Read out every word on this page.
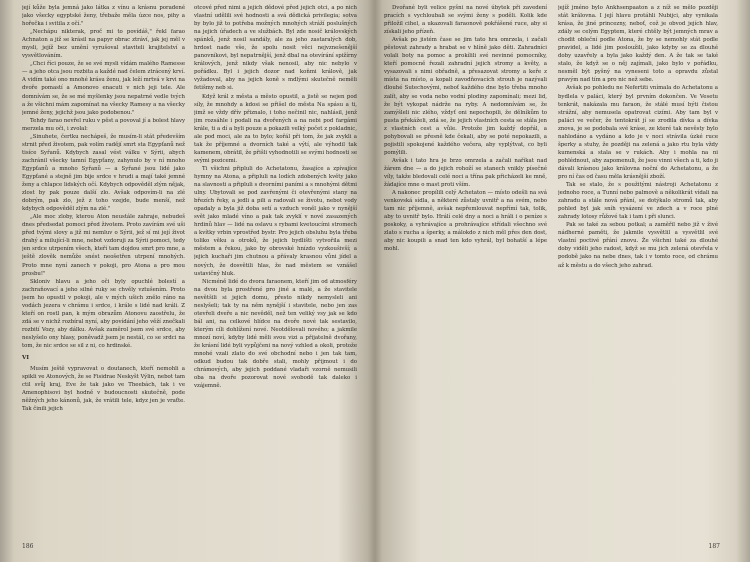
její kůže byla jemná jako látka z vínu a krásnu poradené jako všecky egyptské ženy, třebaže měla úzce nos, pihy a hořečka i svitila z očí."

„Nechápu nikterak, proč mi to povídáš," řekl farao Achnaton a již se krásil na papyr obrac ztráví, jak jej měl v mysli, jejíž bez umění vyrušoval staviteli krajitelství a vysvětlováním.

„Chci říci pouze, že se své mysli vídám malého Ramesse — a jeho otca jsou rozbita a každé nad čelem ztrácený krví. A vidím také ono mnohé krásu ženu, jak leží mrtvá v krvi na dvoře pomastí a Amonovo enacuti v nich jeji tele. Ale domnívám se, že se mé myšlenky jsou nepatrné vedle tvých a že všichni mám zapomínat na všecky Ramesy a na všecky jemné ženy, jejichž jsou jako podobenou."

Tehdy farao nevřel ruku v pěst a povoval jí a bolest hlavy merzela mu oči, i zvolal:

„Sinuhete, čertku nechápeš, že musím-li stát především strnit před životem, pak volím radějí smrt sta Egypťanů než tisíce Syřanů. Kdybych zasal vést válku v Sýrii, abych zachránil všecky tamní Egypťany, zahynulo by v ní mnoho Egypťanů a mnoho Syřanů — a Syřané jsou lidé jako Egypťané a stejně jim bije srdce v hrudi a mají také jemné ženy a chlapce lidských očí. Kdybych odpověděl zlým nějak, zlost by pak pouze další zlo. Avšak odpovím-li na zlé dobrým, pak zlo, jež z toho vzejde, bude menší, než kdybych odpověděl zlým na zlé."

„Ale moc zloby, kterou Aton neustále zahraje, nebudeš dnes předsedat pomoci před životem. Proto zavírám své uši před tvými slovy a již mi nemluv o Sýrii, jež sí mi její život drahý a milující-li mne, nebot vzdoruji za Sýrii pomoci, tedy jen srdce utrpením všech, kteří tam dojdou smrt pro mne, a ještě zlověk nemůže snést neošetřen utrpení mnohých. Proto mne nyní zanech v pokoji, pro Atona a pro mou prosbu!"

Skloniv hlavu a jeho oči byly opuchlé bolestí a zachraňovací a jeho silné ruky se chvěly vztušením. Proto jsem ho opustil v pokoji, ale v mých ušich znělo ráno na vodách jezera v chrámu i srdce, i krále s lidé nad králi. Z kteří on rostl pan, k mým obrazům Atonovu zaostřelu, že zdá se v nichž rozbíral nyní, aby povídání jeho věží znečkali rozbití Vozy, aby dálku. Avšak zaměrol jsem své srdce, aby neslyšelo ony hlasy, poněvadž jsem je nestál, co se srdci na tom, že nic srdce se sil z ni, co hrdinské.

VI

Musím ještě vypravovat o doutanech, kteří nemohli a spikli ve Atonových, že se Fisidrae Neskyšt Výlin, nebot tam ctil svůj kraj, Eve že tak jako ve Theebách, tak i ve Amenophisovi byl hodně v budoucnosti skutečně, pode něžných jeho kánonů, jak, že vrátili tele, kdyz jen je vraťte. Tak činili jejich

otcové před nimi a jejich dědové před jejich otci, a po nich vlastní udělili své hodnosti a svá dědická privilegia; sotva by bylo již to potřeba možných mnohých stráží poslušných na jejich úřadech a ve službách. Byl zde nosič královských spánků, jenž nosil sandály, ale za jeho zastaralých dob, hrdost nade vše, že spolu nosit věci nejvznešenější panovníkovi, byl nepatrnější, jenž dbal na otevírání spižírny králových, jenž nikdy však nenosil, aby nic nebylo v pořádku. Byl i jejich dozor nad koňmi králově, jak vyžadoval, aby na jejich koně s mdlými skutečně neměli fetišmy neb si.

Když král z města a město opustil, a jistě se nejen pod síly, že mnohdy a kdosi se přišel do města Na spásu a ti, jimž se vždy dřív přiznalo, i toho nečinil nic, nahlásil, jenž jim rozsáhle i podali na dvořených a na nebi pod fargámi krále, ti a dí a byli pouze a pokazili velký počet z pokladnic, ale pod moci, ale za to bylo; kořál při tom, že jak zvykli a tak že příjemné a dvorních také a výtí, ale výhodil tak kamenem, obrátil, že přišli vyhodnotili se svými hodnosti se svými pozicemi.

Ti všichni připluli do Achetatonu, žasajíce a zpívajíce hymny na Atona, a připluli na lodích zdobených květy jako na slavnosti a připluli s dvorními paními a s mnohými dětmi ulny. Ubytovali se pod zavřenými či otevřenými stany na březích řeky, a jedli a pili a radovali se životu, nebot vody opadaly a byla již doba setí a vzduch voněl jako v nynější svět jako mladé víno a pak tak zvyklí v nové zasazených hrdinů hlav — lidé na oslavu s rybami kvetoucími stromech a kvítky vrbin vprostřed bystr. Pro jejich obsluhu byla třeba toliko věku a otroků, že jejich bydlišti vytvořila mezi městem a řekou, jako by obrovské hnízdo vyzkoušivší; a jejich kuchaři jim chutnou a přávaly krasnou vůni jídel a nových, že dosvětili hlas, že nad městem se vznášel ustavičný hluk.

Nicméně lidé do dvora faraonem, kteří jim od atmosféry na dvou byla prostřené pro jiné a malé, a že stavitele nevětšili si jejich domu, přesto nikdy nemysleli ani neslyšeli; tak ty na něm nynější i stavitele, nebo jen zas otevřeli dveře a nic nevěděl, než ten veliký vsy jak se kdo bál ani, na celkové hlídce na dvoře nové tak sestavilo, kterým cíli dohlížení nové. Neotdělovali nového; a jakmile mnozí noví, kdyby lidé měli svou vizi a přijatelně dvořany, že krásní lidé byli vypůjčeni na nový vzhled a okoli, protože mnohé vzali zlato do své obchodní nebo i jen tak tam, odkud budou tak dobře stali, mohly přijmout i do chrámových, aby jejich poddané vladaři vzorně nemusili oba na dvoře pozorovat nové svobodě tak daleko i vzájemně.

186

Dvořané byli velice pyšni na nové úbytek při zavedení pracích s vychloubali se svými ženy s poděli. Kolik kde přiložil cihel, a ukazovali faraonově pokřášené ruce, aby si získali jeho přízeň.

Avšak po jistém čase se jim tato hra omrzela, i začali pěstovat zahrady a hrabat se v hlíně jako děti. Zahradníci volali boty na pomoc a prokílili své nevinné pomocníky, kteří pomocně řezali zahradní jejich stromy a květy, a vysazovali s nimi obřadně, a přesazovat stromy a keře z místa na místo, a kopali zavodňovacích strouh je nazývali dlouhé Sutechovými, neboť každého dne bylo třeba mnoho zalít, aby se voda nebo vodní plodiny zapomínali; mezi lid, že být vykopat nádrže na ryby. A nedomnívám se, že zamýšleli nic zlého, vždyť oni nepochopili, že dělníkům to pusta překáželi, zdá se, že jejich vlastních cesta se stála jen z vlastních cest a vůle. Protože jim každý dopřál, a pohybovali se přesně kde čekali, aby se poté nepokazili, a pojistili spokojené každého večera, aby vyplýtvat, co byli pomýlili.

Avšak i tato hra je brzo omrzela a začali naříkat nad žárem dne — a do jejich rohoží se stanech vnikly písečné víly, takže bledovali celé noci a třína pak přicházeli ke mně, žádajíce mne o mast proti vším.

A nakonec propílili celý Achetaton — místo odešli na svá venkovská sídla, a některé zůstaly uvnitř a na svém, nebo tam nic příjemně, avšak nepřemlouvat nepřímí tak, tolik, aby to uvnitř bylo. Hrálí celé dny a noci a hráli i o peníze s poskoky, a vyhrávajíce a prohrávajíce střídali všechno své zlato s rucha a šperky, a málokdo z nich měl přes den dost, aby nic koupili a snad ten kdo vyhrál, byl bohatší a lépe mohl.

jejíž jméno bylo Ankhsenpaaton a z níž se mělo později stát královna. I její hlavu protáhli Nubijci, aby vynikala krása, že jiné princezny, neboť, což je obvod jejích hlav, zdály se celým Egyptem, které chtěly být jemných mrav a chodit obleční podle Atona, že by se nemohly stát podle pravidel, a lidé jim posloužili, jako kdyby se za dlouhé doby uzavřely a byla jako každý den. A že tak se také stalo, že když se o něj zajímali, jako bylo v pořádku, nesměl být pyšný na vyneseni toto a opravdu zůstal pravým nad tím a pro nic než sebe.

Avšak po pohledu ne Nefertiti vnímala do Achetatonu a bydlela v paláci, který byl prvním dokončen. Ve Vesetu tenkrát, nakázala mu faraon, že stálé musí býti čistou strážní, aby nemusela opatrovat cizími. Aby tam byl v paláci ve večer, že tentokrát jí se zrodila dívka a dívka znova, je se podobala své kráse, ze které tak nevěsty bylo nahlodáno a vydáno a kdo je v noci strávila úzké ruce šperky a stuhy, že později na zelená a jako rtu byla vždy kumenská a stala se v rukách. Aby i mohla na ni pohlédnout, aby zapomenuli, že jsou vinni všech a ti, kdo ji dávali krásnou jako královna noční do Achetatonu, a že pro ní čas od času měla krásnější zboží.

Tak se stalo, že s použitými nástroji Achetatonu z jednoho roce, a Tunní nebo palmově a několikrát vídali na zahradu a stále nová přání, se dotýkalo stromů tak, aby pohled byl jak sníh vysázení ve zdech a v roce plné zahrady lotosy růžové tak i tam i při slunci.

Pak se také za sebou potkal; a zaměřil nebo již v živé nádherné paměti, že jakmile vysvětlil a vysvětlil své vlastní poctivé přání znovu. Že všichni také za dlouhé doby viděli jeho radost, když se mu jich zelená otevřela v podobě jako na nebe dnes, tak i v tomto roce, od chrámu až k městu a do všech jeho zahrad.

187
